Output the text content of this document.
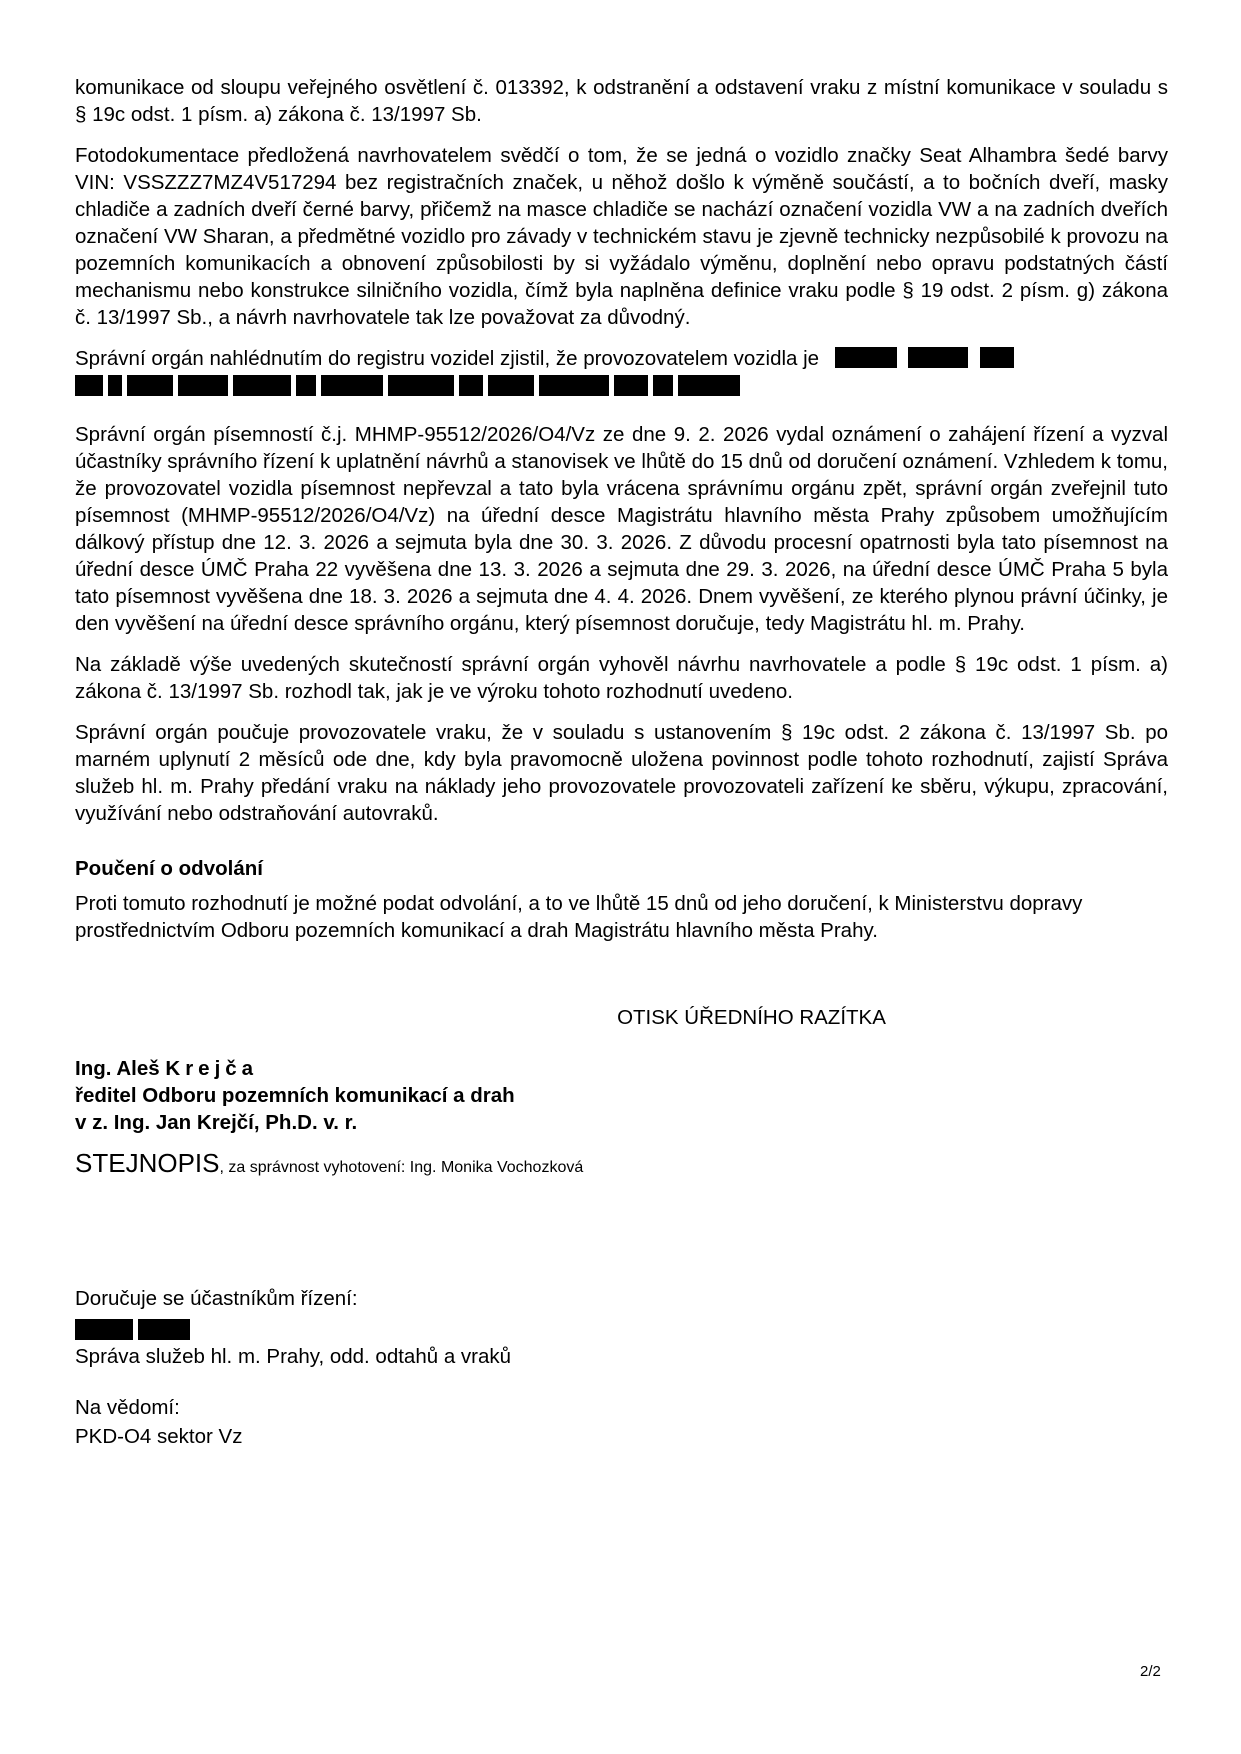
komunikace od sloupu veřejného osvětlení č. 013392, k odstranění a odstavení vraku z místní komunikace v souladu s § 19c odst. 1 písm. a) zákona č. 13/1997 Sb.

Fotodokumentace předložená navrhovatelem svědčí o tom, že se jedná o vozidlo značky Seat Alhambra šedé barvy VIN: VSSZZZ7MZ4V517294 bez registračních značek, u něhož došlo k výměně součástí, a to bočních dveří, masky chladiče a zadních dveří černé barvy, přičemž na masce chladiče se nachází označení vozidla VW a na zadních dveřích označení VW Sharan, a předmětné vozidlo pro závady v technickém stavu je zjevně technicky nezpůsobilé k provozu na pozemních komunikacích a obnovení způsobilosti by si vyžádalo výměnu, doplnění nebo opravu podstatných částí mechanismu nebo konstrukce silničního vozidla, čímž byla naplněna definice vraku podle § 19 odst. 2 písm. g) zákona č. 13/1997 Sb., a návrh navrhovatele tak lze považovat za důvodný.

Správní orgán nahlédnutím do registru vozidel zjistil, že provozovatelem vozidla je

Správní orgán písemností č.j. MHMP-95512/2026/O4/Vz ze dne 9. 2. 2026 vydal oznámení o zahájení řízení a vyzval účastníky správního řízení k uplatnění návrhů a stanovisek ve lhůtě do 15 dnů od doručení oznámení. Vzhledem k tomu, že provozovatel vozidla písemnost nepřevzal a tato byla vrácena správnímu orgánu zpět, správní orgán zveřejnil tuto písemnost (MHMP-95512/2026/O4/Vz) na úřední desce Magistrátu hlavního města Prahy způsobem umožňujícím dálkový přístup dne 12. 3. 2026 a sejmuta byla dne 30. 3. 2026. Z důvodu procesní opatrnosti byla tato písemnost na úřední desce ÚMČ Praha 22 vyvěšena dne 13. 3. 2026 a sejmuta dne 29. 3. 2026, na úřední desce ÚMČ Praha 5 byla tato písemnost vyvěšena dne 18. 3. 2026 a sejmuta dne 4. 4. 2026. Dnem vyvěšení, ze kterého plynou právní účinky, je den vyvěšení na úřední desce správního orgánu, který písemnost doručuje, tedy Magistrátu hl. m. Prahy.

Na základě výše uvedených skutečností správní orgán vyhověl návrhu navrhovatele a podle § 19c odst. 1 písm. a) zákona č. 13/1997 Sb. rozhodl tak, jak je ve výroku tohoto rozhodnutí uvedeno.

Správní orgán poučuje provozovatele vraku, že v souladu s ustanovením § 19c odst. 2 zákona č. 13/1997 Sb. po marném uplynutí 2 měsíců ode dne, kdy byla pravomocně uložena povinnost podle tohoto rozhodnutí, zajistí Správa služeb hl. m. Prahy předání vraku na náklady jeho provozovatele provozovateli zařízení ke sběru, výkupu, zpracování, využívání nebo odstraňování autovraků.

Poučení o odvolání

Proti tomuto rozhodnutí je možné podat odvolání, a to ve lhůtě 15 dnů od jeho doručení, k Ministerstvu dopravy prostřednictvím Odboru pozemních komunikací a drah Magistrátu hlavního města Prahy.

OTISK ÚŘEDNÍHO RAZÍTKA
Ing. Aleš Krejča
ředitel Odboru pozemních komunikací a drah
v z. Ing. Jan Krejčí, Ph.D. v. r.
STEJNOPIS, za správnost vyhotovení: Ing. Monika Vochozková
Doručuje se účastníkům řízení:
Správa služeb hl. m. Prahy, odd. odtahů a vraků
Na vědomí:
PKD-O4 sektor Vz
2/2
